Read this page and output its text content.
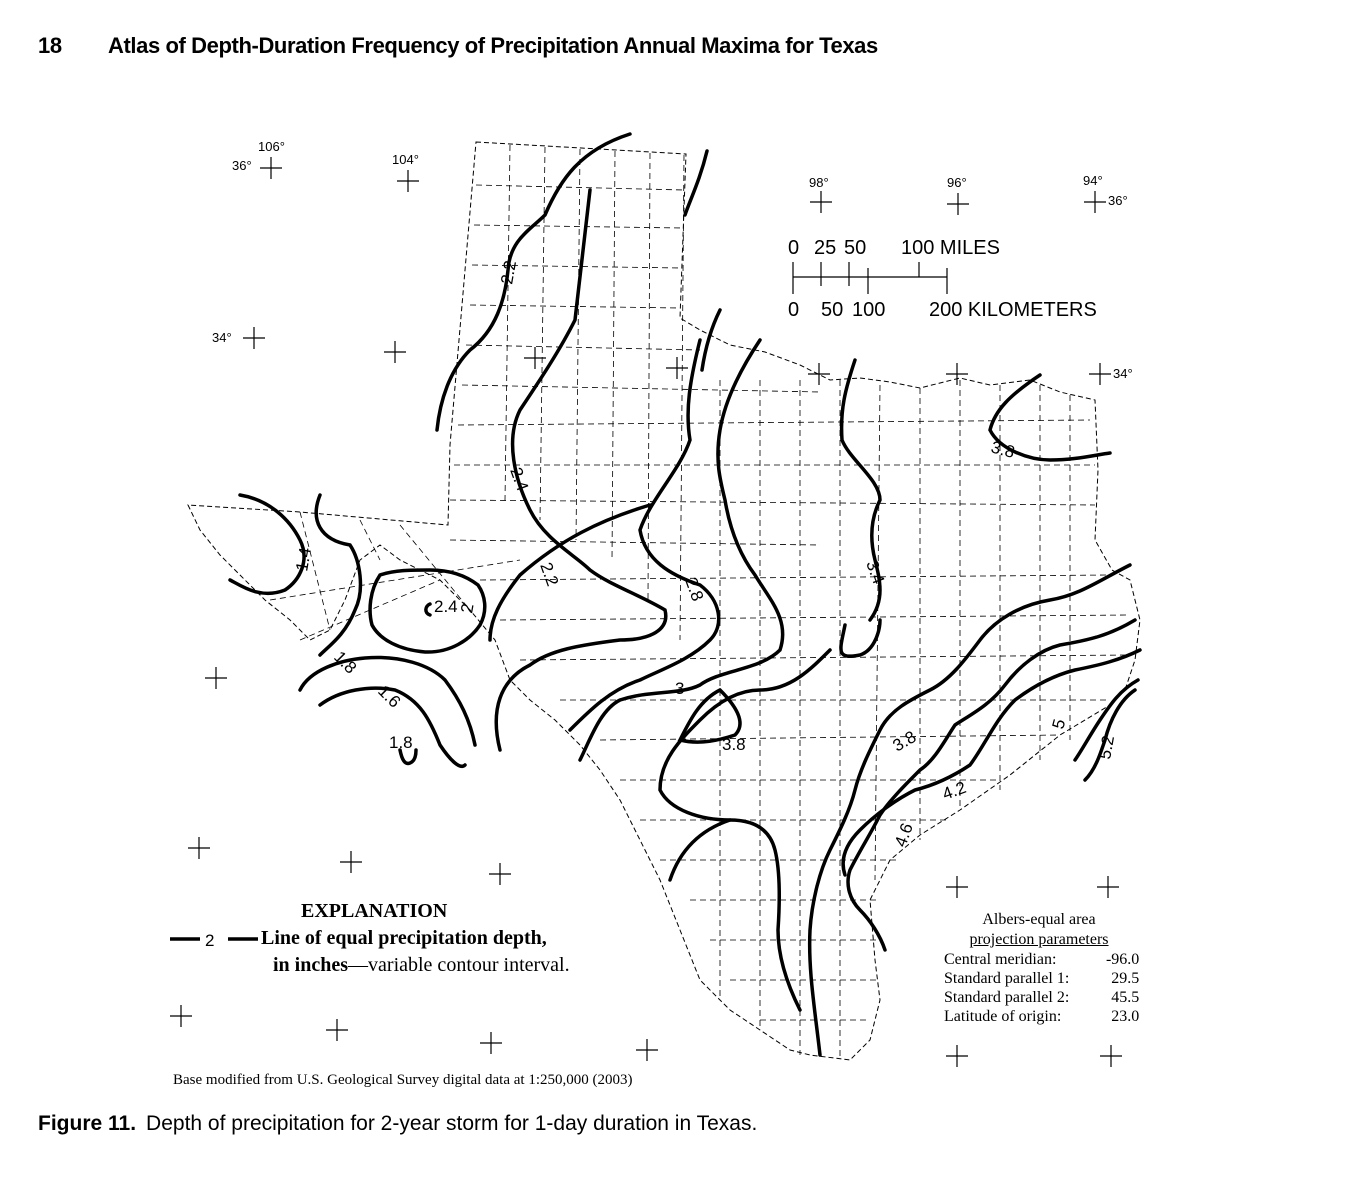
18 Atlas of Depth-Duration Frequency of Precipitation Annual Maxima for Texas
106°
36°	104°
98°	96°	94°
36°
34°
34°
0 25 50 100 MILES
0 50 100 200 KILOMETERS
2.2
2.4
2.2
1.4
2.4 2
1.8
1.6
1.8
2.8
3
3.8
3.4
3.8
3.8
4.2
4.6
5
5.2
EXPLANATION
2 Line of equal precipitation depth,
in inches—variable contour interval.
Albers-equal area
projection parameters
Central meridian:	-96.0
Standard parallel 1:	29.5
Standard parallel 2:	45.5
Latitude of origin:	23.0
Base modified from U.S. Geological Survey digital data at 1:250,000 (2003)
Figure 11. Depth of precipitation for 2-year storm for 1-day duration in Texas.
